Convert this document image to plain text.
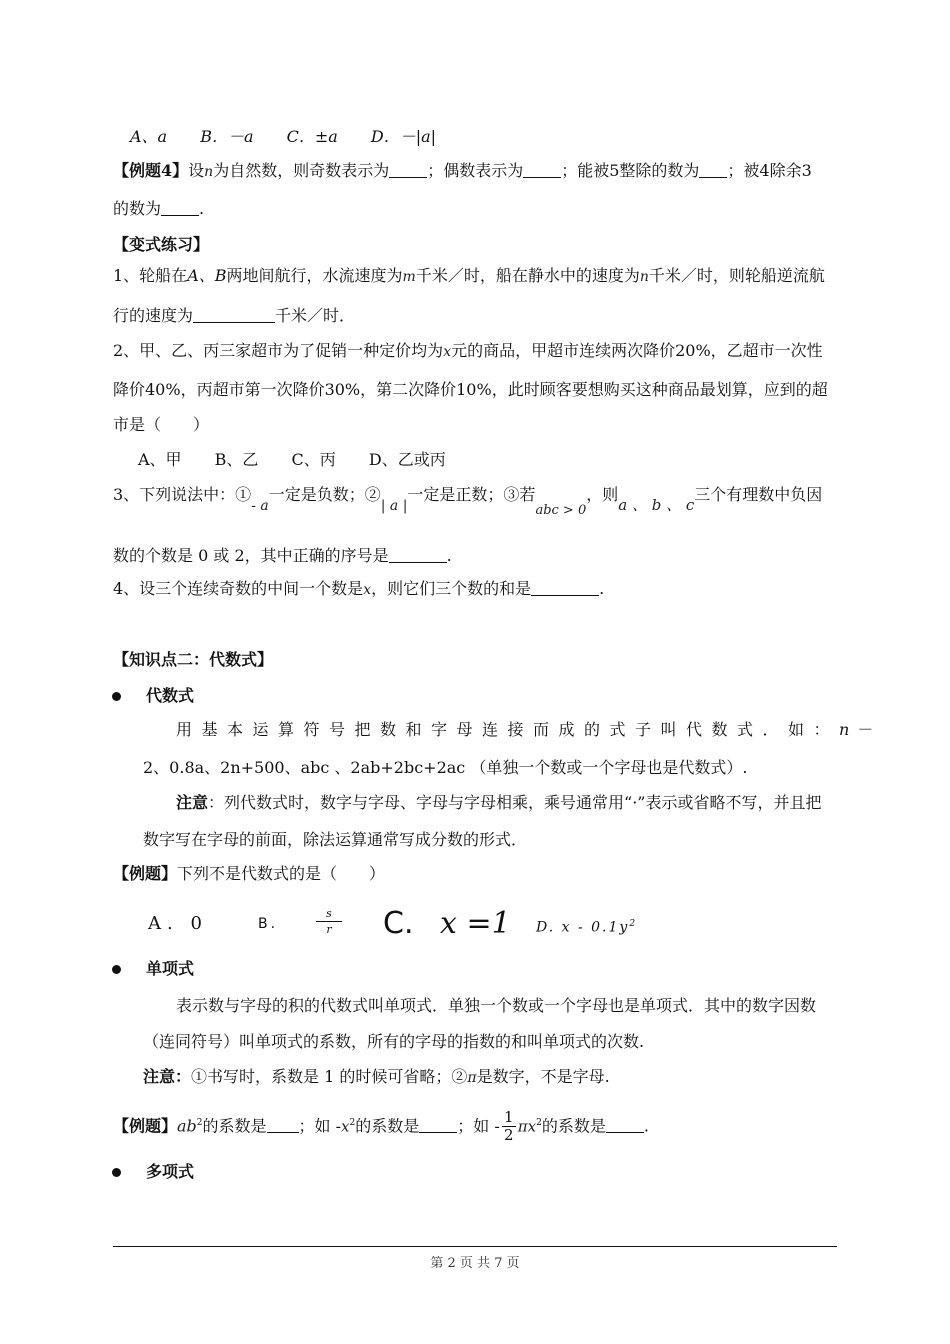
A、a B．－a C．±a D．－|a|
【例题4】设n为自然数，则奇数表示为 ；偶数表示为 ；能被5整除的数为 ；被4除余3
的数为 .
【变式练习】
1、轮船在A、B两地间航行，水流速度为m千米／时，船在静水中的速度为n千米／时，则轮船逆流航
行的速度为	千米／时．
2、甲、乙、丙三家超市为了促销一种定价均为x元的商品，甲超市连续两次降价20%，乙超市一次性
降价40%，丙超市第一次降价30%，第二次降价10%，此时顾客要想购买这种商品最划算，应到的超
市是（　　）
A、甲 B、乙 C、丙 D、乙或丙
3、下列说法中：①- a一定是负数；②| a |一定是正数；③若$_{abc > 0}$，则a 、 b 、 c三个有理数中负因
数的个数是 0 或 2，其中正确的序号是	.
4、设三个连续奇数的中间一个数是x，则它们三个数的和是	.
【知识点二：代数式】
代数式
用基本运算符号把数和字母连接而成的式子叫代数式．如：n －
2、0.8a、2n+500、abc 、2ab+2bc+2ac （单独一个数或一个字母也是代数式）.
注意：列代数式时，数字与字母、字母与字母相乘，乘号通常用“·”表示或省略不写，并且把
数字写在字母的前面，除法运算通常写成分数的形式．
【例题】下列不是代数式的是（　　）
A. 0	B.
s
r	C. x =1 D. x - $0.1y^2$
单项式
表示数与字母的积的代数式叫单项式．单独一个数或一个字母也是单项式．其中的数字因数
（连同符号）叫单项式的系数，所有的字母的指数的和叫单项式的次数.
注意：①书写时，系数是 1 的时候可省略；②π是数字，不是字母.
【例题】$ab^2$的系数是 ；如 $-x^2$的系数是 ；如 - $\frac{1}{2} \pi x^2$的系数是 .
多项式
第 2 页 共 7 页
